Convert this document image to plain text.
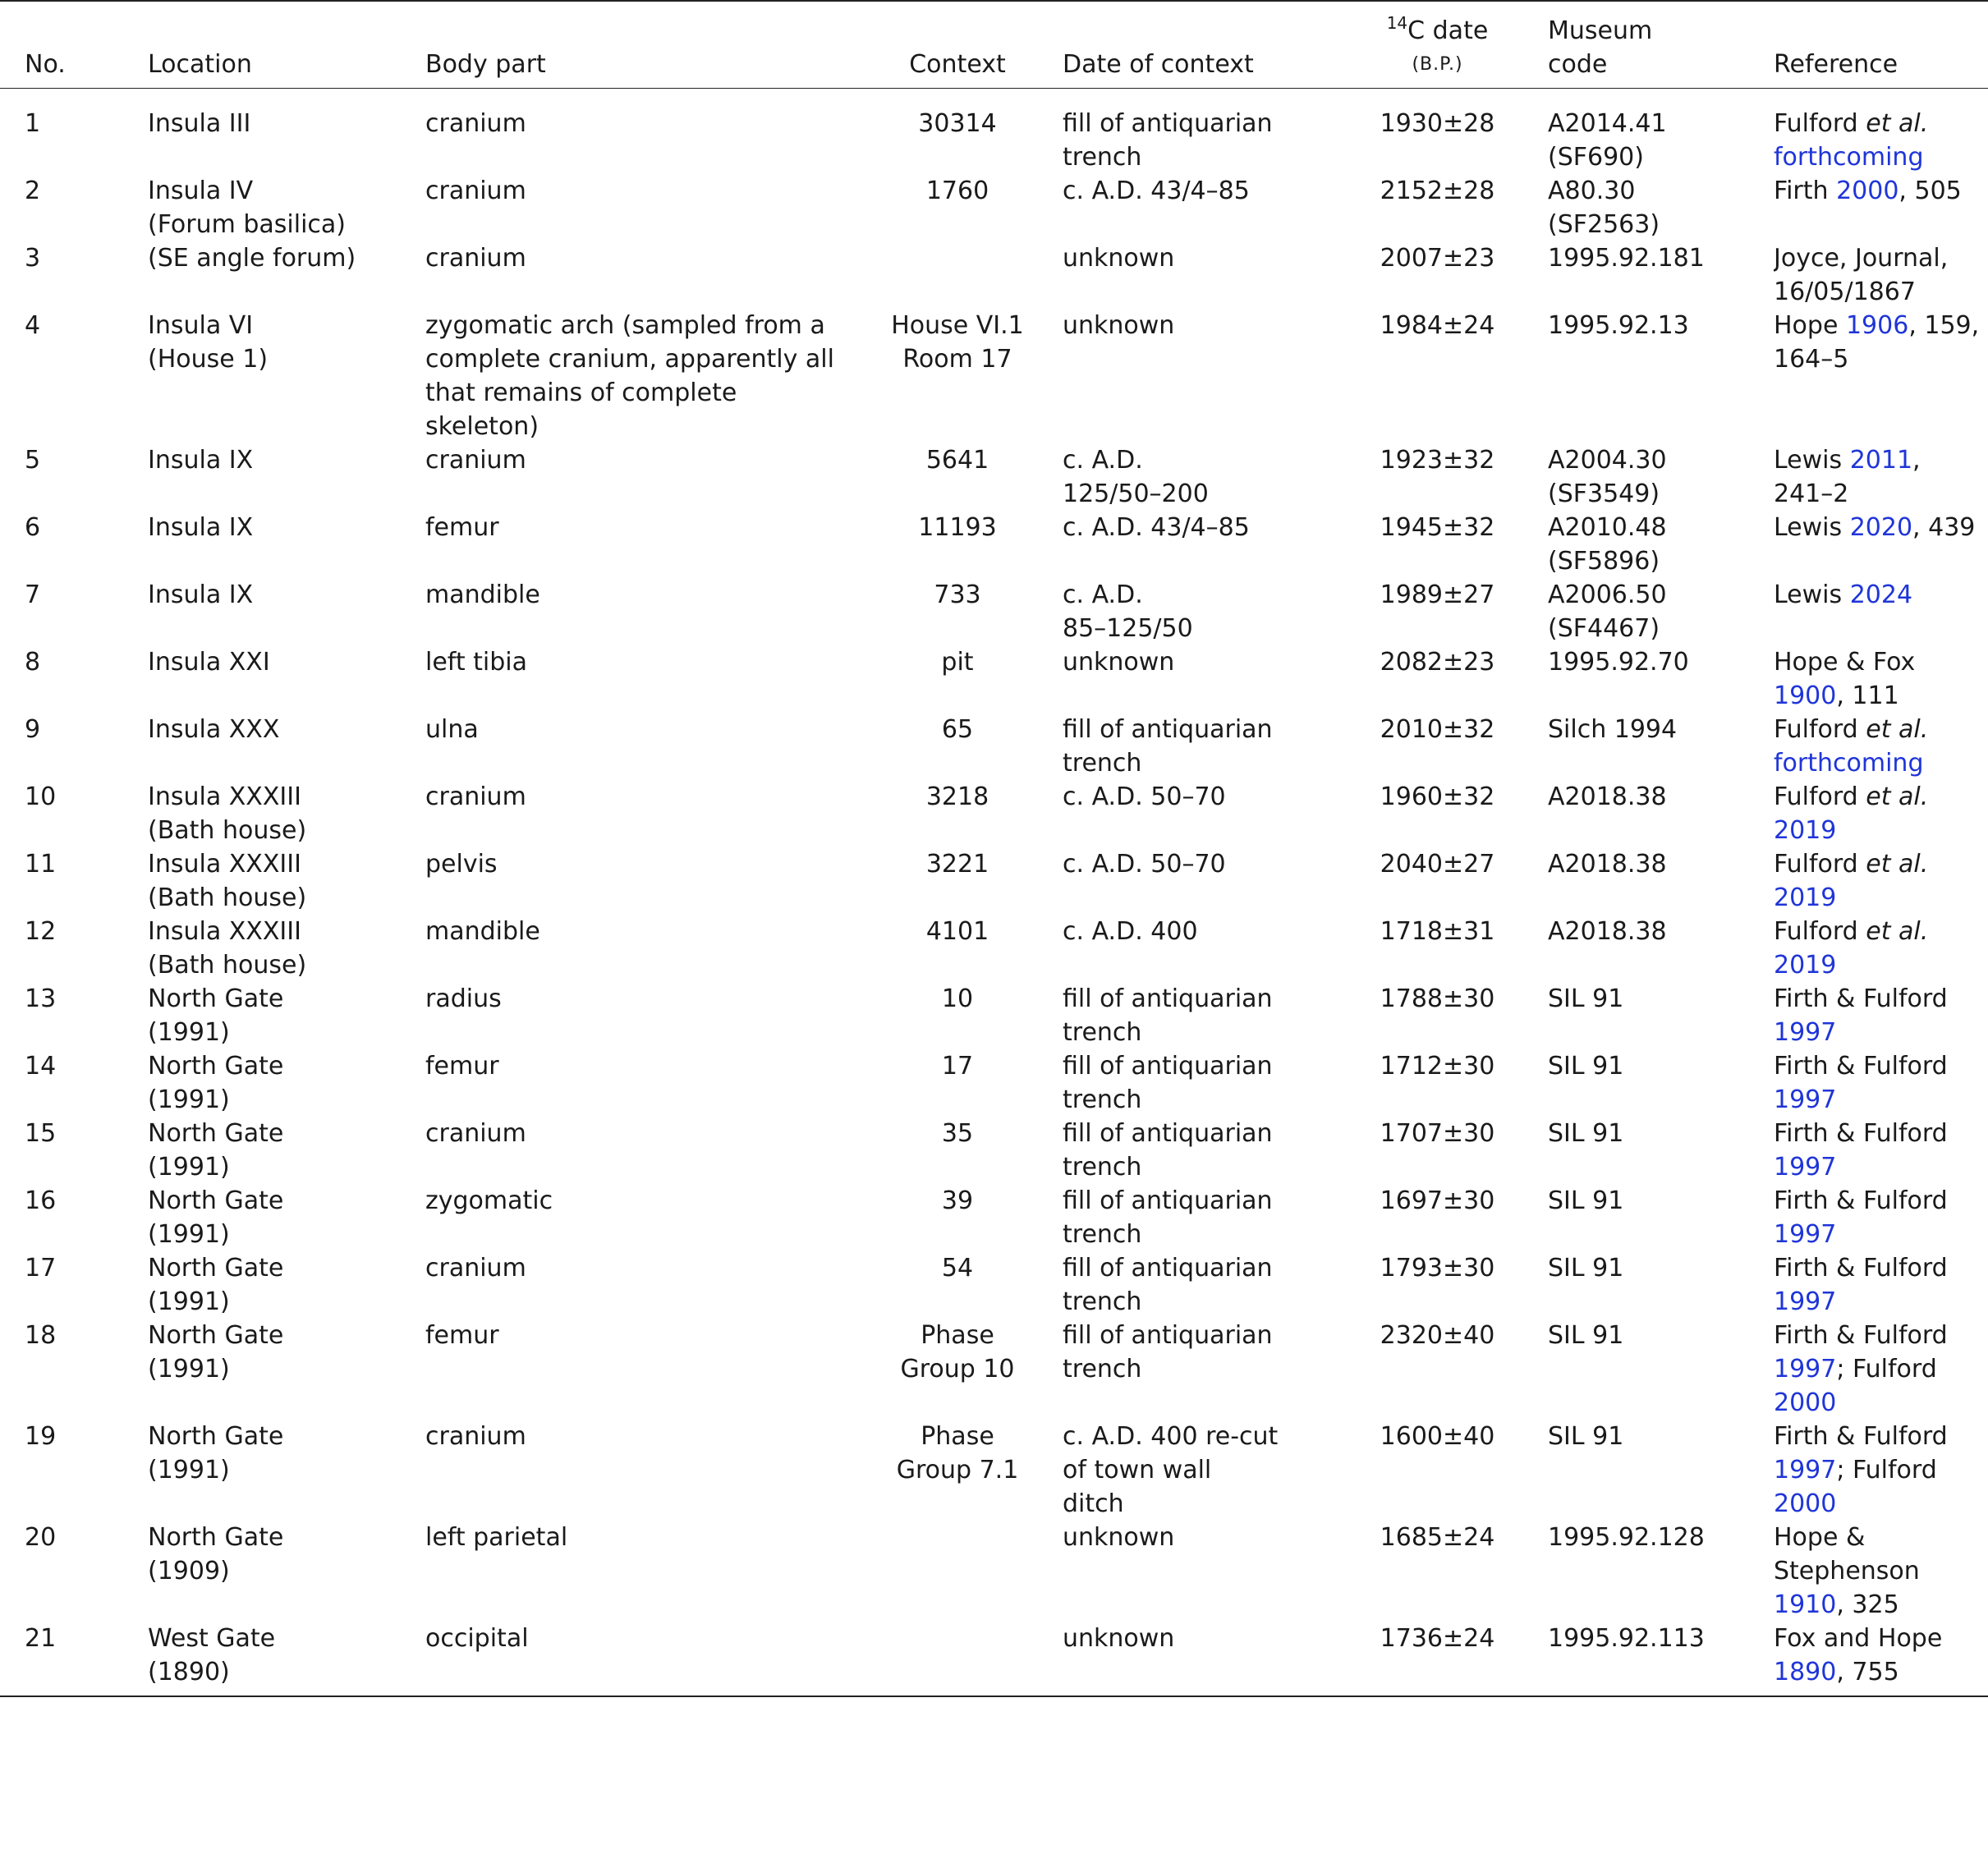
No.	Location	Body part	Context	Date of context	$^{14}$C date
(B.P.)	Museum
code	Reference
1	Insula III	cranium	30314	fill of antiquarian
trench	1930±28	A2014.41
(SF690)	Fulford et al.
forthcoming

2	Insula IV
(Forum basilica)	cranium	1760	c. A.D. 43/4–85	2152±28	A80.30
(SF2563)	Firth 2000, 505

3	(SE angle forum)	cranium		unknown	2007±23	1995.92.181	Joyce, Journal,
16/05/1867

4	Insula VI
(House 1)	zygomatic arch (sampled from a
complete cranium, apparently all
that remains of complete
skeleton)	House VI.1
Room 17	unknown	1984±24	1995.92.13	Hope 1906, 159,
164–5

5	Insula IX	cranium	5641	c. A.D.
125/50–200	1923±32	A2004.30
(SF3549)	Lewis 2011,
241–2

6	Insula IX	femur	11193	c. A.D. 43/4–85	1945±32	A2010.48
(SF5896)	Lewis 2020, 439

7	Insula IX	mandible	733	c. A.D.
85–125/50	1989±27	A2006.50
(SF4467)	Lewis 2024

8	Insula XXI	left tibia	pit	unknown	2082±23	1995.92.70	Hope & Fox
1900, 111

9	Insula XXX	ulna	65	fill of antiquarian
trench	2010±32	Silch 1994	Fulford et al.
forthcoming

10	Insula XXXIII
(Bath house)	cranium	3218	c. A.D. 50–70	1960±32	A2018.38	Fulford et al.
2019

11	Insula XXXIII
(Bath house)	pelvis	3221	c. A.D. 50–70	2040±27	A2018.38	Fulford et al.
2019

12	Insula XXXIII
(Bath house)	mandible	4101	c. A.D. 400	1718±31	A2018.38	Fulford et al.
2019

13	North Gate
(1991)	radius	10	fill of antiquarian
trench	1788±30	SIL 91	Firth & Fulford
1997

14	North Gate
(1991)	femur	17	fill of antiquarian
trench	1712±30	SIL 91	Firth & Fulford
1997

15	North Gate
(1991)	cranium	35	fill of antiquarian
trench	1707±30	SIL 91	Firth & Fulford
1997

16	North Gate
(1991)	zygomatic	39	fill of antiquarian
trench	1697±30	SIL 91	Firth & Fulford
1997

17	North Gate
(1991)	cranium	54	fill of antiquarian
trench	1793±30	SIL 91	Firth & Fulford
1997

18	North Gate
(1991)	femur	Phase
Group 10	fill of antiquarian
trench	2320±40	SIL 91	Firth & Fulford
1997; Fulford
2000

19	North Gate
(1991)	cranium	Phase
Group 7.1	c. A.D. 400 re-cut
of town wall
ditch	1600±40	SIL 91	Firth & Fulford
1997; Fulford
2000

20	North Gate
(1909)	left parietal		unknown	1685±24	1995.92.128	Hope &
Stephenson
1910, 325

21	West Gate
(1890)	occipital		unknown	1736±24	1995.92.113	Fox and Hope
1890, 755
